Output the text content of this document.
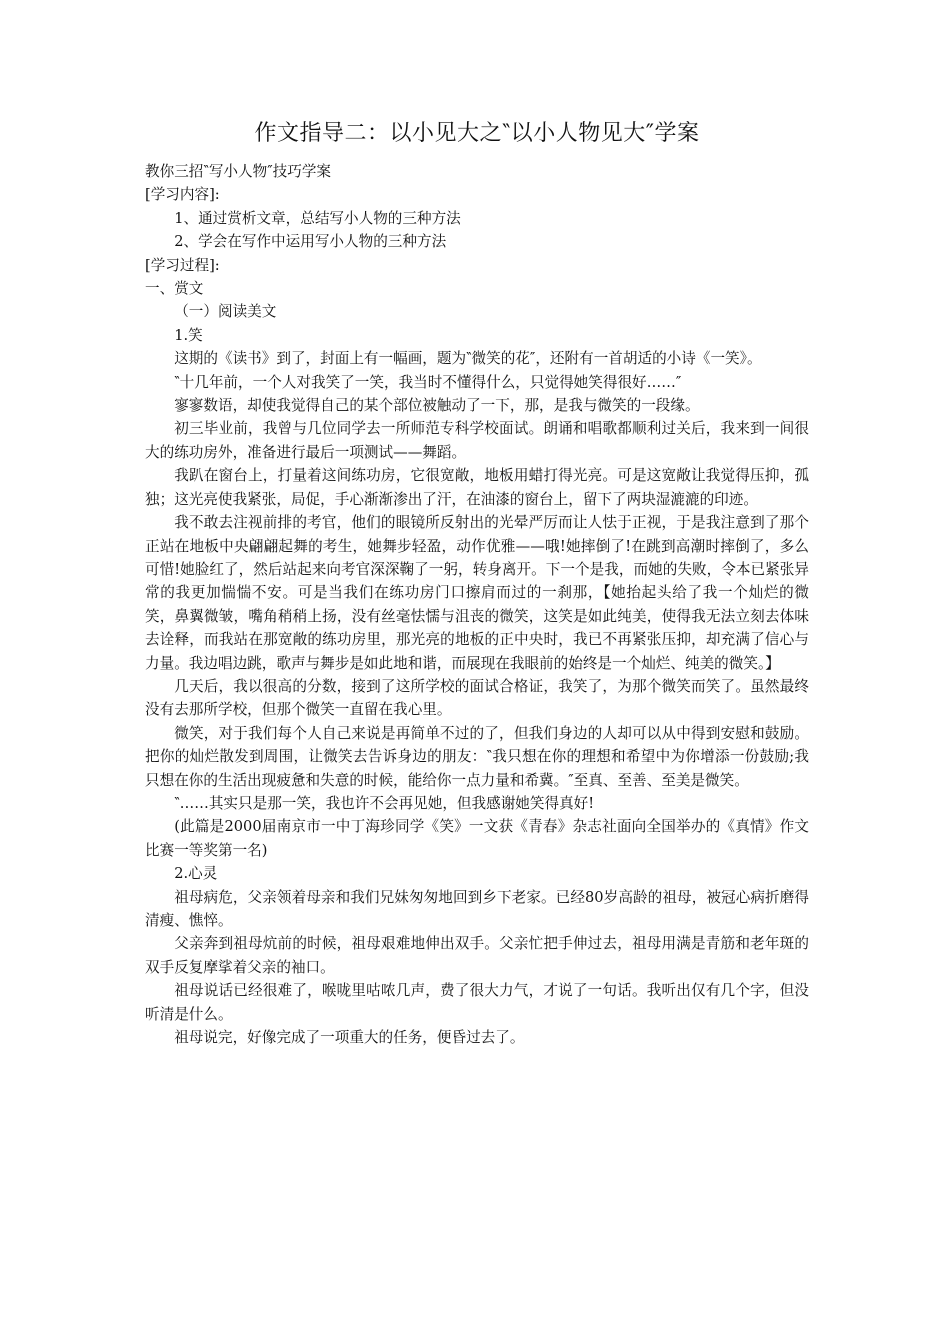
作文指导二：以小见大之‶以小人物见大″学案

教你三招‶写小人物″技巧学案

[学习内容]:

1、通过赏析文章，总结写小人物的三种方法

2、学会在写作中运用写小人物的三种方法

[学习过程]:

一、赏文

（一）阅读美文

1.笑

这期的《读书》到了，封面上有一幅画，题为‶微笑的花″，还附有一首胡适的小诗《一笑》。

‶十几年前，一个人对我笑了一笑，我当时不懂得什么，只觉得她笑得很好……″

寥寥数语，却使我觉得自己的某个部位被触动了一下，那，是我与微笑的一段缘。

初三毕业前，我曾与几位同学去一所师范专科学校面试。朗诵和唱歌都顺利过关后，我来到一间很大的练功房外，准备进行最后一项测试——舞蹈。

我趴在窗台上，打量着这间练功房，它很宽敞，地板用蜡打得光亮。可是这宽敞让我觉得压抑，孤独；这光亮使我紧张，局促，手心渐渐渗出了汗，在油漆的窗台上，留下了两块湿漉漉的印迹。

我不敢去注视前排的考官，他们的眼镜所反射出的光晕严厉而让人怯于正视，于是我注意到了那个正站在地板中央翩翩起舞的考生，她舞步轻盈，动作优雅——哦!她摔倒了!在跳到高潮时摔倒了，多么可惜!她脸红了，然后站起来向考官深深鞠了一躬，转身离开。下一个是我，而她的失败，令本已紧张异常的我更加惴惴不安。可是当我们在练功房门口擦肩而过的一刹那，【她抬起头给了我一个灿烂的微笑，鼻翼微皱，嘴角稍稍上扬，没有丝毫怯懦与沮丧的微笑，这笑是如此纯美，使得我无法立刻去体味去诠释，而我站在那宽敞的练功房里，那光亮的地板的正中央时，我已不再紧张压抑，却充满了信心与力量。我边唱边跳，歌声与舞步是如此地和谐，而展现在我眼前的始终是一个灿烂、纯美的微笑。】

几天后，我以很高的分数，接到了这所学校的面试合格证，我笑了，为那个微笑而笑了。虽然最终没有去那所学校，但那个微笑一直留在我心里。

微笑，对于我们每个人自己来说是再简单不过的了，但我们身边的人却可以从中得到安慰和鼓励。把你的灿烂散发到周围，让微笑去告诉身边的朋友：‶我只想在你的理想和希望中为你增添一份鼓励;我只想在你的生活出现疲惫和失意的时候，能给你一点力量和希冀。″至真、至善、至美是微笑。

‶……其实只是那一笑，我也许不会再见她，但我感谢她笑得真好!

(此篇是2000届南京市一中丁海珍同学《笑》一文获《青春》杂志社面向全国举办的《真情》作文比赛一等奖第一名)

2.心灵

祖母病危，父亲领着母亲和我们兄妹匆匆地回到乡下老家。已经80岁高龄的祖母，被冠心病折磨得清瘦、憔悴。

父亲奔到祖母炕前的时候，祖母艰难地伸出双手。父亲忙把手伸过去，祖母用满是青筋和老年斑的双手反复摩挲着父亲的袖口。

祖母说话已经很难了，喉咙里咕哝几声，费了很大力气，才说了一句话。我听出仅有几个字，但没听清是什么。

祖母说完，好像完成了一项重大的任务，便昏过去了。
